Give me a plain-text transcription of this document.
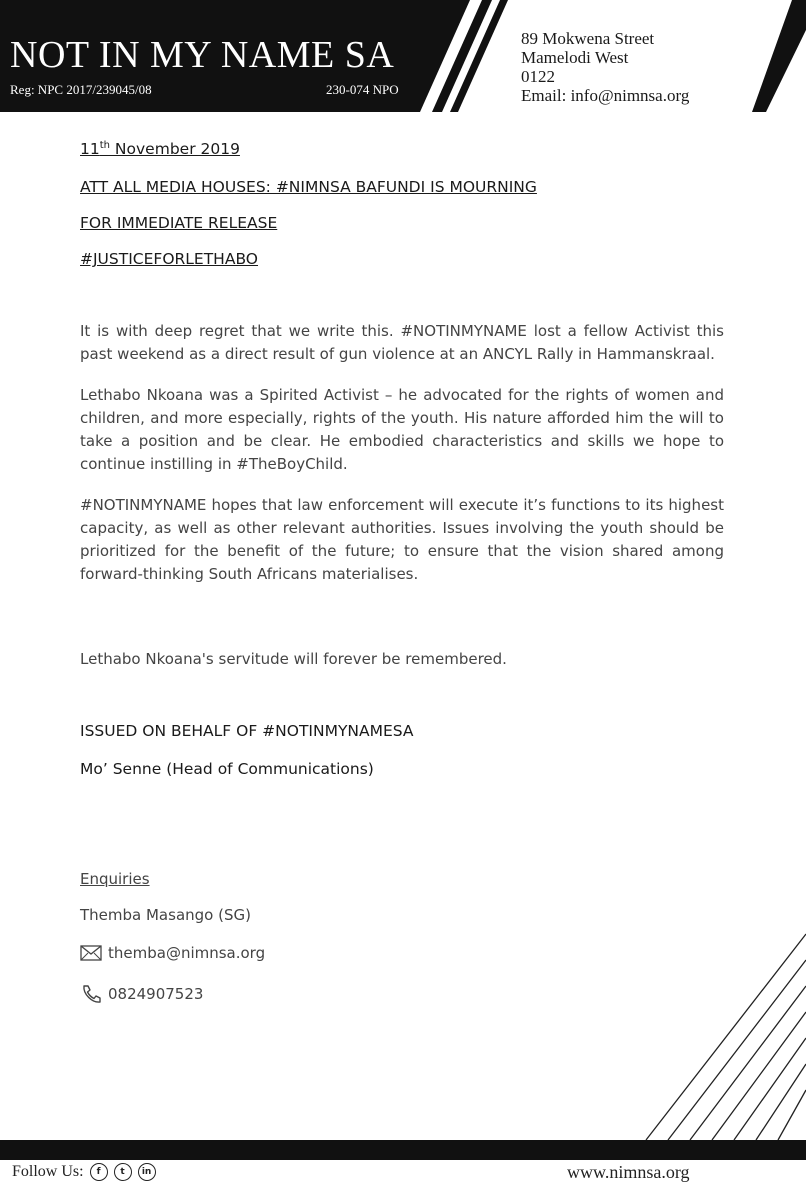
NOT IN MY NAME SA
Reg: NPC 2017/239045/08	230-074 NPO
89 Mokwena Street
Mamelodi West
0122
Email: info@nimnsa.org
11th November 2019
ATT ALL MEDIA HOUSES: #NIMNSA BAFUNDI IS MOURNING
FOR IMMEDIATE RELEASE
#JUSTICEFORLETHABO
It is with deep regret that we write this. #NOTINMYNAME lost a fellow Activist this past weekend as a direct result of gun violence at an ANCYL Rally in Hammanskraal.
Lethabo Nkoana was a Spirited Activist – he advocated for the rights of women and children, and more especially, rights of the youth. His nature afforded him the will to take a position and be clear. He embodied characteristics and skills we hope to continue instilling in #TheBoyChild.
#NOTINMYNAME hopes that law enforcement will execute it’s functions to its highest capacity, as well as other relevant authorities. Issues involving the youth should be prioritized for the benefit of the future; to ensure that the vision shared among forward-thinking South Africans materialises.
Lethabo Nkoana's servitude will forever be remembered.
ISSUED ON BEHALF OF #NOTINMYNAMESA
Mo’ Senne (Head of Communications)
Enquiries
Themba Masango (SG)
themba@nimnsa.org
0824907523
Follow Us:	f	t	in	www.nimnsa.org
